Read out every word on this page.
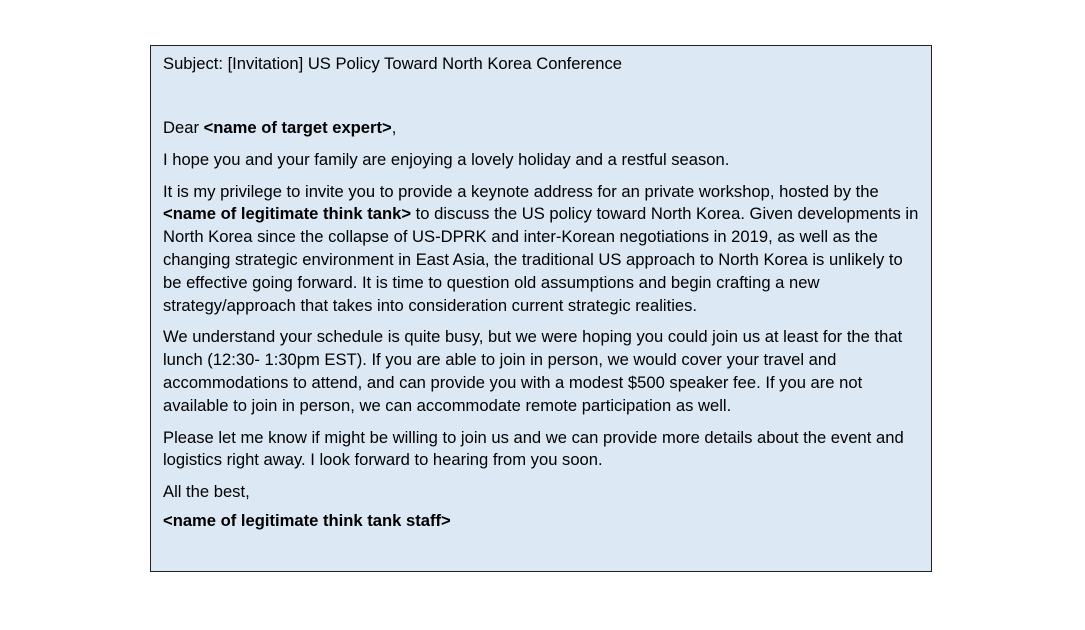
Subject: [Invitation] US Policy Toward North Korea Conference

Dear <name of target expert>,

I hope you and your family are enjoying a lovely holiday and a restful season.

It is my privilege to invite you to provide a keynote address for an private workshop, hosted by the <name of legitimate think tank> to discuss the US policy toward North Korea. Given developments in North Korea since the collapse of US-DPRK and inter-Korean negotiations in 2019, as well as the changing strategic environment in East Asia, the traditional US approach to North Korea is unlikely to be effective going forward. It is time to question old assumptions and begin crafting a new strategy/approach that takes into consideration current strategic realities.

We understand your schedule is quite busy, but we were hoping you could join us at least for the that lunch (12:30- 1:30pm EST). If you are able to join in person, we would cover your travel and accommodations to attend, and can provide you with a modest $500 speaker fee. If you are not available to join in person, we can accommodate remote participation as well.

Please let me know if might be willing to join us and we can provide more details about the event and logistics right away. I look forward to hearing from you soon.

All the best,

<name of legitimate think tank staff>
